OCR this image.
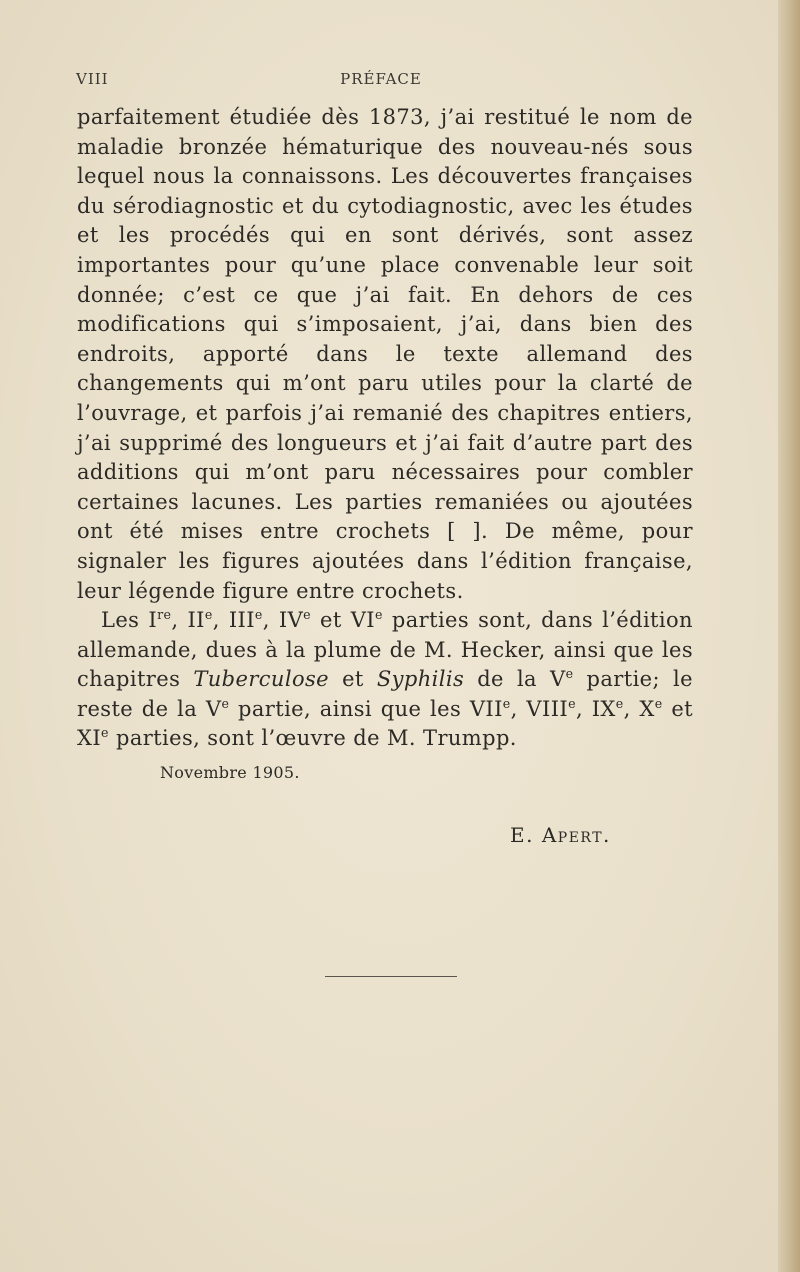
VIII	PRÉFACE

parfaitement étudiée dès 1873, j’ai restitué le nom de maladie bronzée hématurique des nouveau-nés sous lequel nous la connaissons. Les découvertes françaises du sérodiagnostic et du cytodiagnostic, avec les études et les procédés qui en sont dérivés, sont assez importantes pour qu’une place convenable leur soit donnée; c’est ce que j’ai fait. En dehors de ces modifications qui s’imposaient, j’ai, dans bien des endroits, apporté dans le texte allemand des changements qui m’ont paru utiles pour la clarté de l’ouvrage, et parfois j’ai remanié des chapitres entiers, j’ai supprimé des longueurs et j’ai fait d’autre part des additions qui m’ont paru nécessaires pour combler certaines lacunes. Les parties remaniées ou ajoutées ont été mises entre crochets [ ]. De même, pour signaler les figures ajoutées dans l’édition française, leur légende figure entre crochets.

Les Ire, IIe, IIIe, IVe et VIe parties sont, dans l’édition allemande, dues à la plume de M. Hecker, ainsi que les chapitres Tuberculose et Syphilis de la Ve partie; le reste de la Ve partie, ainsi que les VIIe, VIIIe, IXe, Xe et XIe parties, sont l’œuvre de M. Trumpp.

Novembre 1905.
E. Apert.
